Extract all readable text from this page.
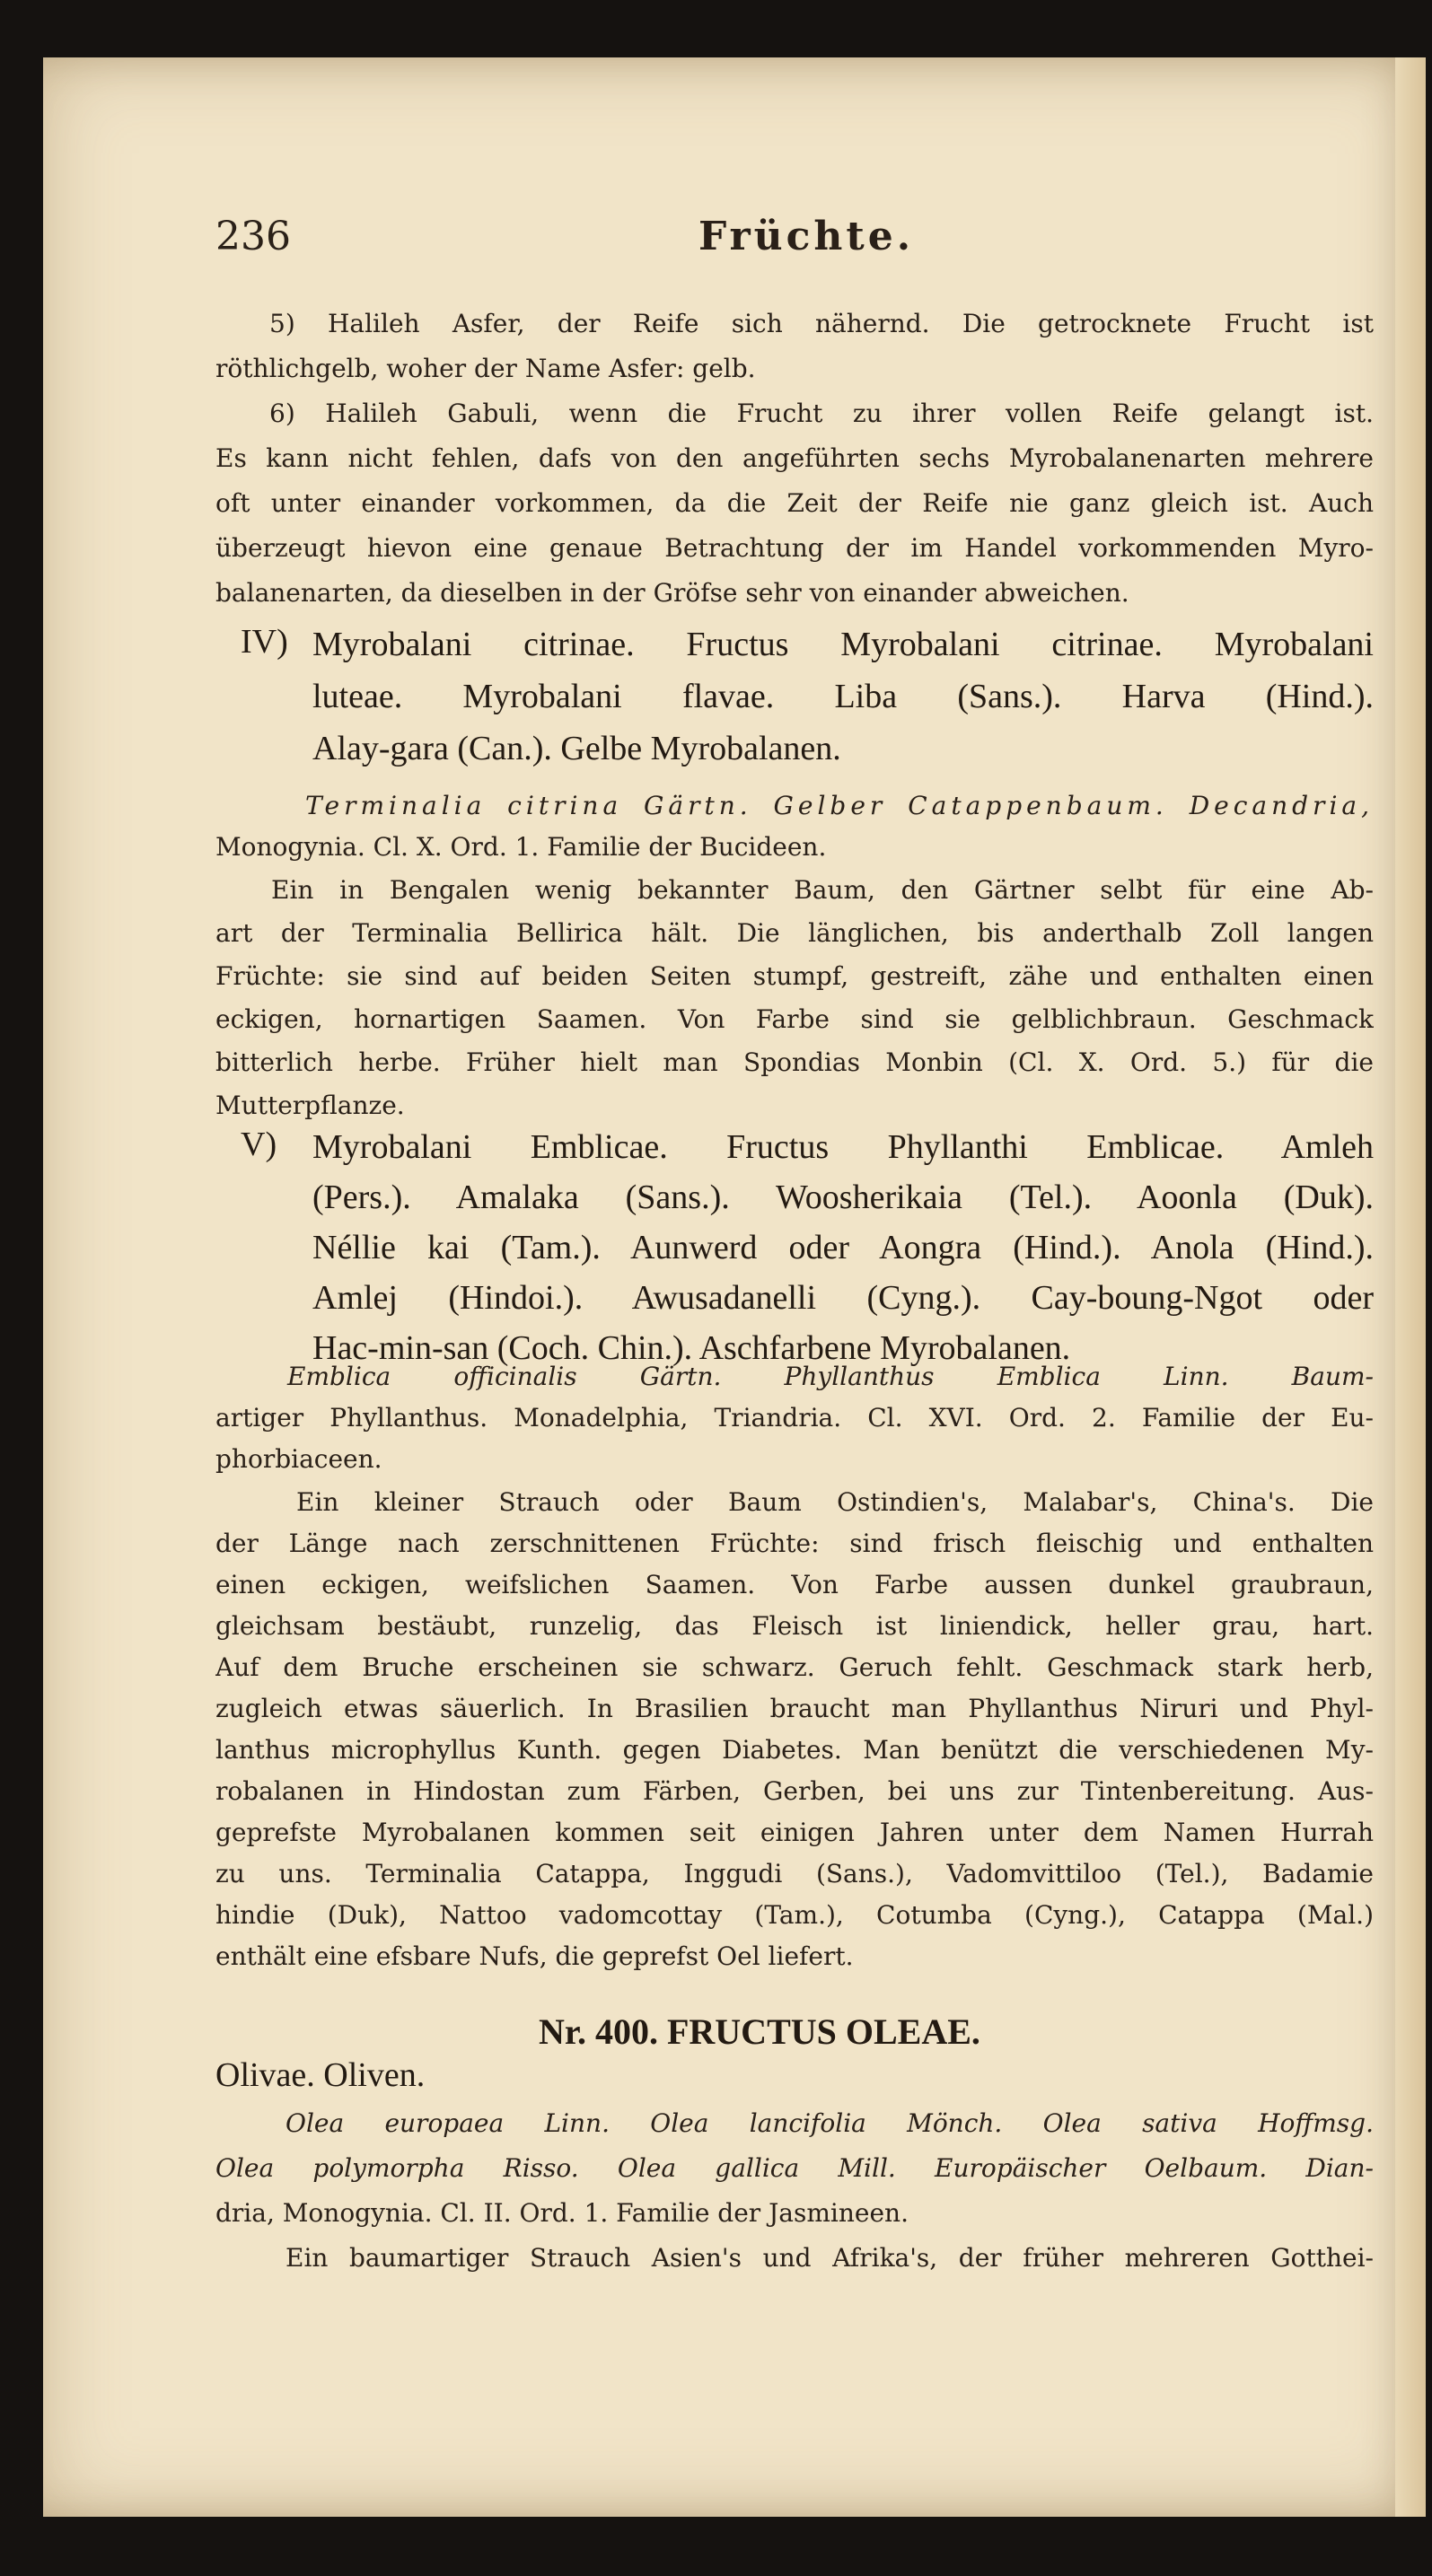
236	Früchte.
5) Halileh Asfer, der Reife sich nähernd. Die getrocknete Frucht ist
röthlichgelb, woher der Name Asfer: gelb.
6) Halileh Gabuli, wenn die Frucht zu ihrer vollen Reife gelangt ist.
Es kann nicht fehlen, dafs von den angeführten sechs Myrobalanenarten mehrere
oft unter einander vorkommen, da die Zeit der Reife nie ganz gleich ist. Auch
überzeugt hievon eine genaue Betrachtung der im Handel vorkommenden Myro-
balanenarten, da dieselben in der Gröfse sehr von einander abweichen.
IV) Myrobalani citrinae. Fructus Myrobalani citrinae. Myrobalani
luteae. Myrobalani flavae. Liba (Sans.). Harva (Hind.).
Alay-gara (Can.). Gelbe Myrobalanen.
Terminalia citrina Gärtn. Gelber Catappenbaum. Decandria,
Monogynia. Cl. X. Ord. 1. Familie der Bucideen.
Ein in Bengalen wenig bekannter Baum, den Gärtner selbt für eine Ab-
art der Terminalia Bellirica hält. Die länglichen, bis anderthalb Zoll langen
Früchte: sie sind auf beiden Seiten stumpf, gestreift, zähe und enthalten einen
eckigen, hornartigen Saamen. Von Farbe sind sie gelblichbraun. Geschmack
bitterlich herbe. Früher hielt man Spondias Monbin (Cl. X. Ord. 5.) für die
Mutterpflanze.
V) Myrobalani Emblicae. Fructus Phyllanthi Emblicae. Amleh
(Pers.). Amalaka (Sans.). Woosherikaia (Tel.). Aoonla (Duk).
Néllie kai (Tam.). Aunwerd oder Aongra (Hind.). Anola (Hind.).
Amlej (Hindoi.). Awusadanelli (Cyng.). Cay-boung-Ngot oder
Hac-min-san (Coch. Chin.). Aschfarbene Myrobalanen.
Emblica officinalis Gärtn. Phyllanthus Emblica Linn. Baum-
artiger Phyllanthus. Monadelphia, Triandria. Cl. XVI. Ord. 2. Familie der Eu-
phorbiaceen.
Ein kleiner Strauch oder Baum Ostindien's, Malabar's, China's. Die
der Länge nach zerschnittenen Früchte: sind frisch fleischig und enthalten
einen eckigen, weifslichen Saamen. Von Farbe aussen dunkel graubraun,
gleichsam bestäubt, runzelig, das Fleisch ist liniendick, heller grau, hart.
Auf dem Bruche erscheinen sie schwarz. Geruch fehlt. Geschmack stark herb,
zugleich etwas säuerlich. In Brasilien braucht man Phyllanthus Niruri und Phyl-
lanthus microphyllus Kunth. gegen Diabetes. Man benützt die verschiedenen My-
robalanen in Hindostan zum Färben, Gerben, bei uns zur Tintenbereitung. Aus-
geprefste Myrobalanen kommen seit einigen Jahren unter dem Namen Hurrah
zu uns. Terminalia Catappa, Inggudi (Sans.), Vadomvittiloo (Tel.), Badamie
hindie (Duk), Nattoo vadomcottay (Tam.), Cotumba (Cyng.), Catappa (Mal.)
enthält eine efsbare Nufs, die geprefst Oel liefert.
Nr. 400. FRUCTUS OLEAE.
Olivae. Oliven.
Olea europaea Linn. Olea lancifolia Mönch. Olea sativa Hoffmsg.
Olea polymorpha Risso. Olea gallica Mill. Europäischer Oelbaum. Dian-
dria, Monogynia. Cl. II. Ord. 1. Familie der Jasmineen.
Ein baumartiger Strauch Asien's und Afrika's, der früher mehreren Gotthei-
